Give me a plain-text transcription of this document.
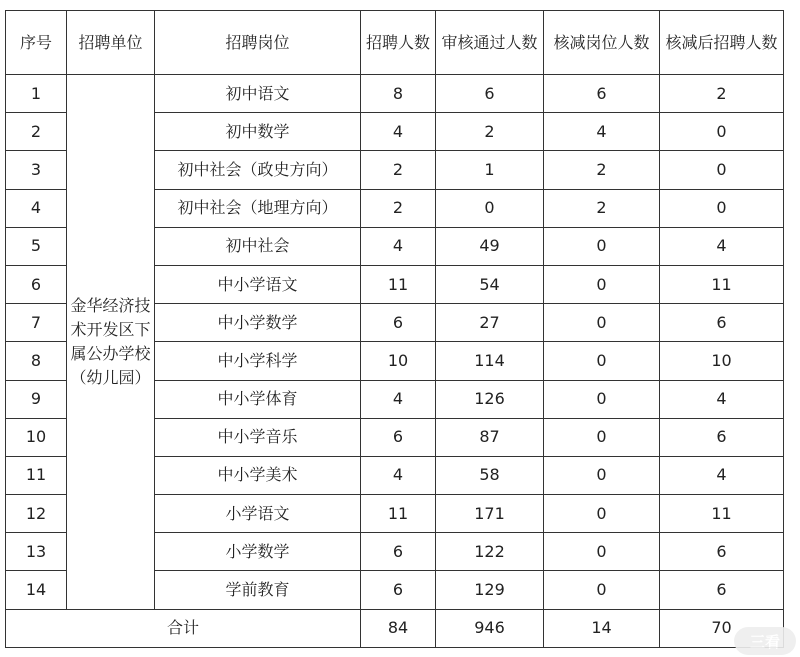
序号	招聘单位	招聘岗位	招聘人数	审核通过人数	核减岗位人数	核减后招聘人数
1	金华经济技术开发区下属公办学校（幼儿园）	初中语文	8	6	6	2
2		初中数学	4	2	4	0
3		初中社会（政史方向）	2	1	2	0
4		初中社会（地理方向）	2	0	2	0
5		初中社会	4	49	0	4
6		中小学语文	11	54	0	11
7		中小学数学	6	27	0	6
8		中小学科学	10	114	0	10
9		中小学体育	4	126	0	4
10		中小学音乐	6	87	0	6
11		中小学美术	4	58	0	4
12		小学语文	11	171	0	11
13		小学数学	6	122	0	6
14		学前教育	6	129	0	6
合计			84	946	14	70
三看
